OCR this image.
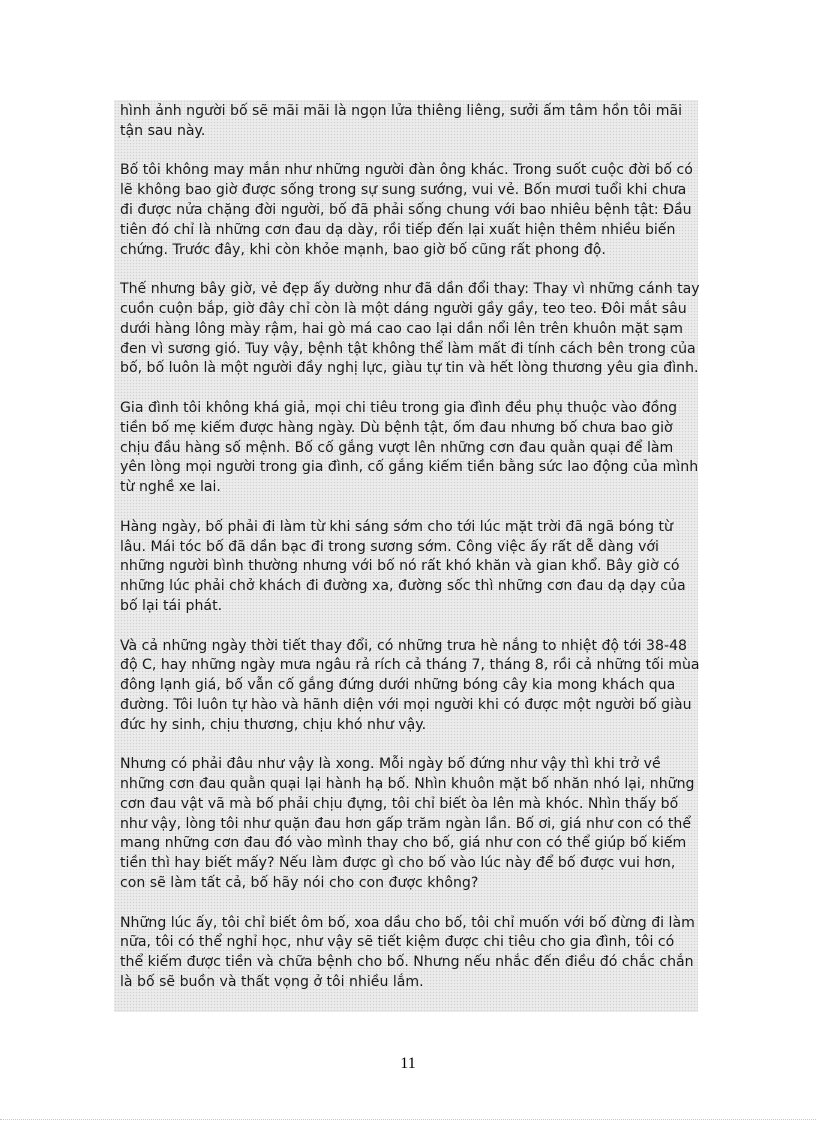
hình ảnh người bố sẽ mãi mãi là ngọn lửa thiêng liêng, sưởi ấm tâm hồn tôi mãi tận sau này.

Bố tôi không may mắn như những người đàn ông khác. Trong suốt cuộc đời bố có lẽ không bao giờ được sống trong sự sung sướng, vui vẻ. Bốn mươi tuổi khi chưa đi được nửa chặng đời người, bố đã phải sống chung với bao nhiêu bệnh tật: Đầu tiên đó chỉ là những cơn đau dạ dày, rồi tiếp đến lại xuất hiện thêm nhiều biến chứng. Trước đây, khi còn khỏe mạnh, bao giờ bố cũng rất phong độ.

Thế nhưng bây giờ, vẻ đẹp ấy dường như đã dần đổi thay: Thay vì những cánh tay cuồn cuộn bắp, giờ đây chỉ còn là một dáng người gầy gầy, teo teo. Đôi mắt sâu dưới hàng lông mày rậm, hai gò má cao cao lại dần nổi lên trên khuôn mặt sạm đen vì sương gió. Tuy vậy, bệnh tật không thể làm mất đi tính cách bên trong của bố, bố luôn là một người đầy nghị lực, giàu tự tin và hết lòng thương yêu gia đình.

Gia đình tôi không khá giả, mọi chi tiêu trong gia đình đều phụ thuộc vào đồng tiền bố mẹ kiếm được hàng ngày. Dù bệnh tật, ốm đau nhưng bố chưa bao giờ chịu đầu hàng số mệnh. Bố cố gắng vượt lên những cơn đau quằn quại để làm yên lòng mọi người trong gia đình, cố gắng kiếm tiền bằng sức lao động của mình từ nghề xe lai.

Hàng ngày, bố phải đi làm từ khi sáng sớm cho tới lúc mặt trời đã ngã bóng từ lâu. Mái tóc bố đã dần bạc đi trong sương sớm. Công việc ấy rất dễ dàng với những người bình thường nhưng với bố nó rất khó khăn và gian khổ. Bây giờ có những lúc phải chở khách đi đường xa, đường sốc thì những cơn đau dạ dạy của bố lại tái phát.

Và cả những ngày thời tiết thay đổi, có những trưa hè nắng to nhiệt độ tới 38-48 độ C, hay những ngày mưa ngâu rả rích cả tháng 7, tháng 8, rồi cả những tối mùa đông lạnh giá, bố vẫn cố gắng đứng dưới những bóng cây kia mong khách qua đường. Tôi luôn tự hào và hãnh diện với mọi người khi có được một người bố giàu đức hy sinh, chịu thương, chịu khó như vậy.

Nhưng có phải đâu như vậy là xong. Mỗi ngày bố đứng như vậy thì khi trở về những cơn đau quằn quại lại hành hạ bố. Nhìn khuôn mặt bố nhăn nhó lại, những cơn đau vật vã mà bố phải chịu đựng, tôi chỉ biết òa lên mà khóc. Nhìn thấy bố như vậy, lòng tôi như quặn đau hơn gấp trăm ngàn lần. Bố ơi, giá như con có thể mang những cơn đau đó vào mình thay cho bố, giá như con có thể giúp bố kiếm tiền thì hay biết mấy? Nếu làm được gì cho bố vào lúc này để bố được vui hơn, con sẽ làm tất cả, bố hãy nói cho con được không?

Những lúc ấy, tôi chỉ biết ôm bố, xoa dầu cho bố, tôi chỉ muốn với bố đừng đi làm nữa, tôi có thể nghỉ học, như vậy sẽ tiết kiệm được chi tiêu cho gia đình, tôi có thể kiếm được tiền và chữa bệnh cho bố. Nhưng nếu nhắc đến điều đó chắc chắn là bố sẽ buồn và thất vọng ở tôi nhiều lắm.

11
